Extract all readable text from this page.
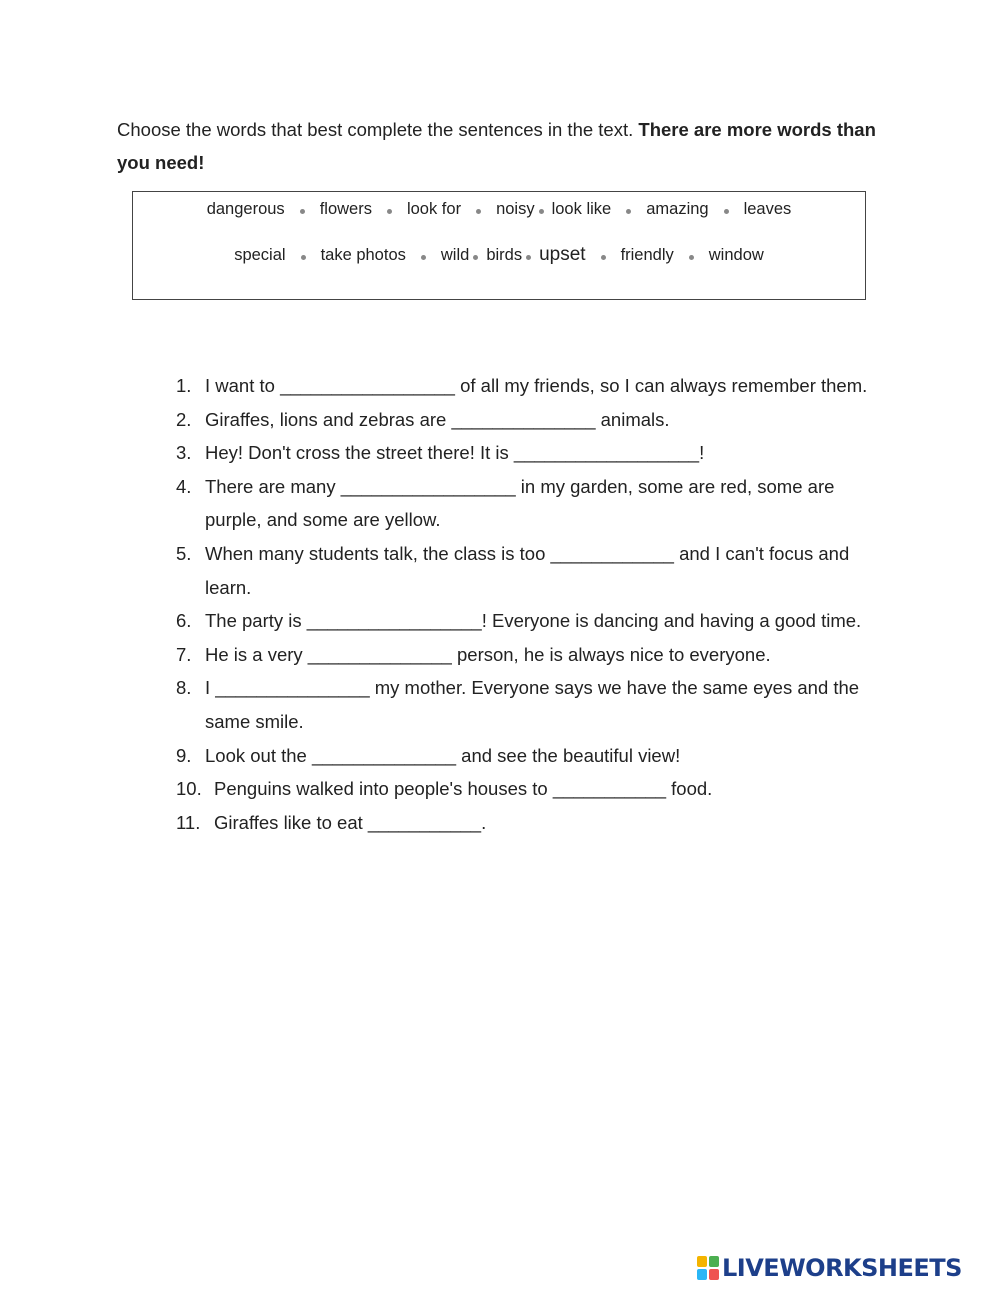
Choose the words that best complete the sentences in the text. There are more words than you need!

dangerous flowers look for noisy look like amazing leaves
special take photos wild birds upset friendly window
1. I want to _________________ of all my friends, so I can always remember them.
2. Giraffes, lions and zebras are ______________ animals.
3. Hey! Don't cross the street there! It is __________________!
4. There are many _________________ in my garden, some are red, some are purple, and some are yellow.
5. When many students talk, the class is too ____________ and I can't focus and learn.
6. The party is _________________! Everyone is dancing and having a good time.
7. He is a very ______________ person, he is always nice to everyone.
8. I _______________ my mother. Everyone says we have the same eyes and the same smile.
9. Look out the ______________ and see the beautiful view!
10. Penguins walked into people's houses to ___________ food.
11. Giraffes like to eat ___________.
LIVEWORKSHEETS
